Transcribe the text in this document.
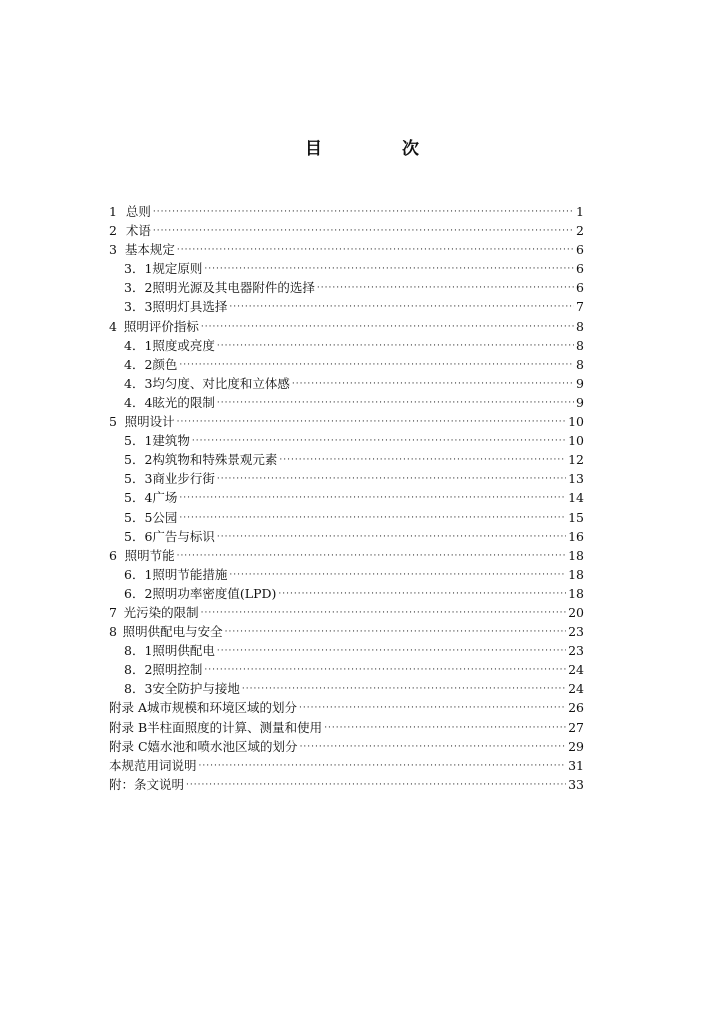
目	次
1 总则 ·····	1
2 术语 ·····	2
3 基本规定 ·····	6
3．1 规定原则 ·····	6
3．2 照明光源及其电器附件的选择 ·····	6
3．3 照明灯具选择 ·····	7
4 照明评价指标 ·····	8
4．1 照度或亮度 ·····	8
4．2 颜色 ·····	8
4．3 均匀度、对比度和立体感 ·····	9
4．4 眩光的限制 ·····	9
5 照明设计 ·····	10
5．1 建筑物 ·····	10
5．2 构筑物和特殊景观元素 ·····	12
5．3 商业步行街 ·····	13
5．4 广场 ·····	14
5．5 公园 ·····	15
5．6 广告与标识 ·····	16
6 照明节能 ·····	18
6．1 照明节能措施 ·····	18
6．2 照明功率密度值(LPD) ·····	18
7 光污染的限制 ·····	20
8 照明供配电与安全 ·····	23
8．1 照明供配电 ·····	23
8．2 照明控制 ·····	24
8．3 安全防护与接地 ·····	24
附录 A 城市规模和环境区域的划分 ·····	26
附录 B 半柱面照度的计算、测量和使用 ·····	27
附录 C 嬉水池和喷水池区域的划分 ·····	29
本规范用词说明 ·····	31
附：条文说明 ·····	33
